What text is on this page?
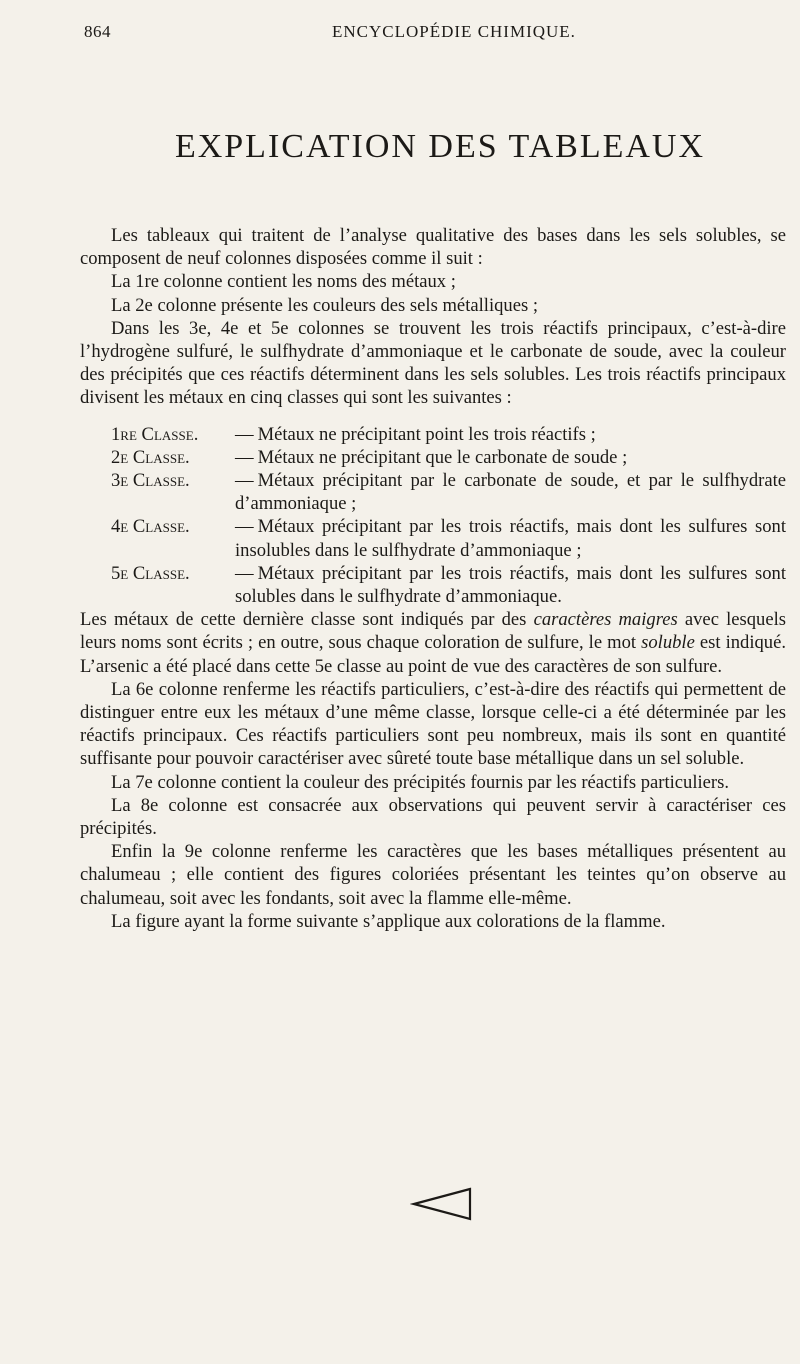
864	ENCYCLOPÉDIE CHIMIQUE.
EXPLICATION DES TABLEAUX

Les tableaux qui traitent de l’analyse qualitative des bases dans les sels solubles, se composent de neuf colonnes disposées comme il suit :

La 1re colonne contient les noms des métaux ;

La 2e colonne présente les couleurs des sels métalliques ;

Dans les 3e, 4e et 5e colonnes se trouvent les trois réactifs principaux, c’est-à-dire l’hydrogène sulfuré, le sulfhydrate d’ammoniaque et le carbonate de soude, avec la couleur des précipités que ces réactifs déterminent dans les sels solubles. Les trois réactifs principaux divisent les métaux en cinq classes qui sont les suivantes :

1re Classe. — Métaux ne précipitant point les trois réactifs ;
2e Classe. — Métaux ne précipitant que le carbonate de soude ;
3e Classe. — Métaux précipitant par le carbonate de soude, et par le sulfhydrate d’ammoniaque ;
4e Classe. — Métaux précipitant par les trois réactifs, mais dont les sulfures sont insolubles dans le sulfhydrate d’ammoniaque ;
5e Classe. — Métaux précipitant par les trois réactifs, mais dont les sulfures sont solubles dans le sulfhydrate d’ammoniaque.

Les métaux de cette dernière classe sont indiqués par des caractères maigres avec lesquels leurs noms sont écrits ; en outre, sous chaque coloration de sulfure, le mot soluble est indiqué. L’arsenic a été placé dans cette 5e classe au point de vue des caractères de son sulfure.

La 6e colonne renferme les réactifs particuliers, c’est-à-dire des réactifs qui permettent de distinguer entre eux les métaux d’une même classe, lorsque celle-ci a été déterminée par les réactifs principaux. Ces réactifs particuliers sont peu nombreux, mais ils sont en quantité suffisante pour pouvoir caractériser avec sûreté toute base métallique dans un sel soluble.

La 7e colonne contient la couleur des précipités fournis par les réactifs particuliers.

La 8e colonne est consacrée aux observations qui peuvent servir à caractériser ces précipités.

Enfin la 9e colonne renferme les caractères que les bases métalliques présentent au chalumeau ; elle contient des figures coloriées présentant les teintes qu’on observe au chalumeau, soit avec les fondants, soit avec la flamme elle-même.

La figure ayant la forme suivante s’applique aux colorations de la flamme.
